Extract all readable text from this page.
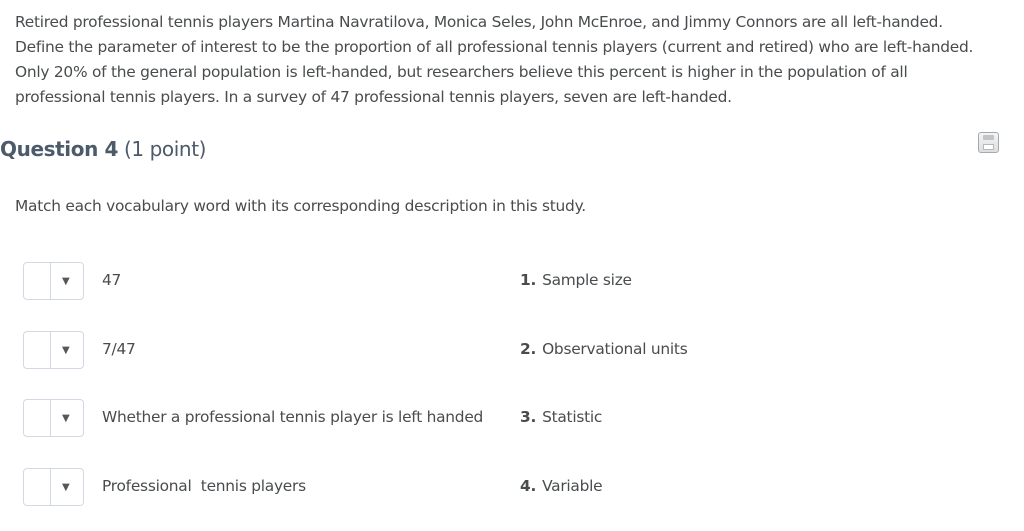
Retired professional tennis players Martina Navratilova, Monica Seles, John McEnroe, and Jimmy Connors are all left-handed.

Define the parameter of interest to be the proportion of all professional tennis players (current and retired) who are left-handed.

Only 20% of the general population is left-handed, but researchers believe this percent is higher in the population of all

professional tennis players. In a survey of 47 professional tennis players, seven are left-handed.

Question 4 (1 point)
Match each vocabulary word with its corresponding description in this study.
▼ 47	1. Sample size
▼ 7/47	2. Observational units
▼ Whether a professional tennis player is left handed 3. Statistic
▼ Professional  tennis players	4. Variable
